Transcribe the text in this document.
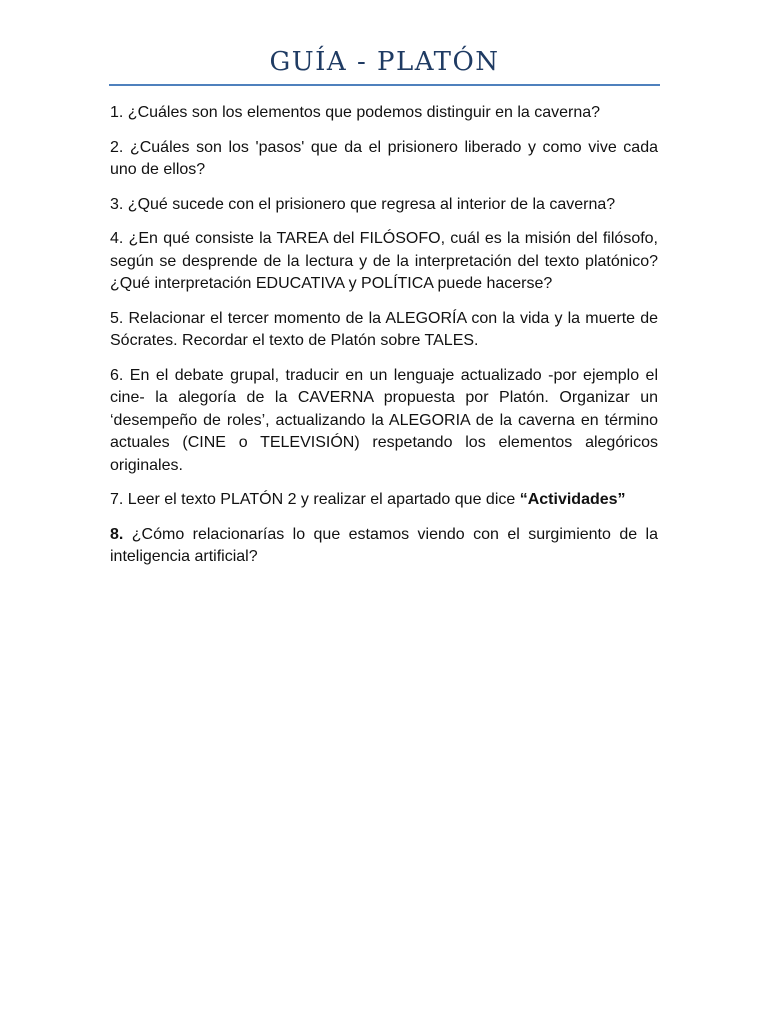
GUÍA - PLATÓN

1. ¿Cuáles son los elementos que podemos distinguir en la caverna?

2. ¿Cuáles son los 'pasos' que da el prisionero liberado y como vive cada uno de ellos?

3. ¿Qué sucede con el prisionero que regresa al interior de la caverna?

4. ¿En qué consiste la TAREA del FILÓSOFO, cuál es la misión del filósofo, según se desprende de la lectura y de la interpretación del texto platónico? ¿Qué interpretación EDUCATIVA y POLÍTICA puede hacerse?

5. Relacionar el tercer momento de la ALEGORÍA con la vida y la muerte de Sócrates. Recordar el texto de Platón sobre TALES.

6. En el debate grupal, traducir en un lenguaje actualizado -por ejemplo el cine- la alegoría de la CAVERNA propuesta por Platón. Organizar un ‘desempeño de roles’, actualizando la ALEGORIA de la caverna en término actuales (CINE o TELEVISIÓN) respetando los elementos alegóricos originales.

7. Leer el texto PLATÓN 2 y realizar el apartado que dice “Actividades”

8. ¿Cómo relacionarías lo que estamos viendo con el surgimiento de la inteligencia artificial?
